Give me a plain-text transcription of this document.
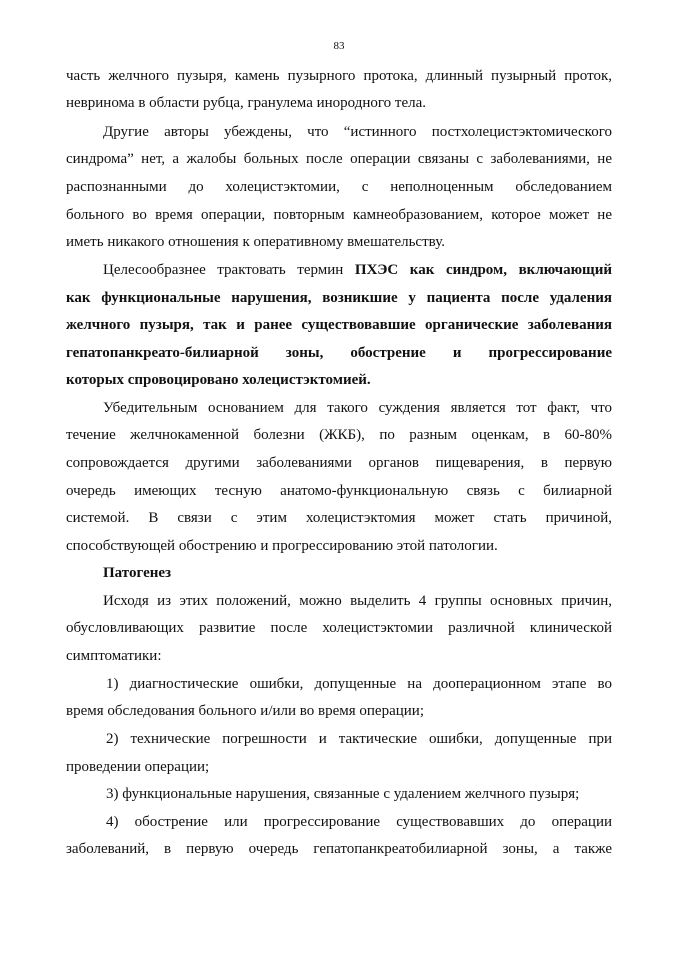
83
часть желчного пузыря, камень пузырного протока, длинный пузырный проток,
невринома в области рубца, гранулема инородного тела.
Другие авторы убеждены, что “истинного постхолецистэктомического
синдрома” нет, а жалобы больных после операции связаны с заболеваниями, не
распознанными до холецистэктомии, с неполноценным обследованием
больного во время операции, повторным камнеобразованием, которое может не
иметь никакого отношения к оперативному вмешательству.
Целесообразнее трактовать термин ПХЭС как синдром, включающий
как функциональные нарушения, возникшие у пациента после удаления
желчного пузыря, так и ранее существовавшие органические заболевания
гепатопанкреато-билиарной зоны, обострение и прогрессирование
которых спровоцировано холецистэктомией.
Убедительным основанием для такого суждения является тот факт, что
течение желчнокаменной болезни (ЖКБ), по разным оценкам, в 60-80%
сопровождается другими заболеваниями органов пищеварения, в первую
очередь имеющих тесную анатомо-функциональную связь с билиарной
системой. В связи с этим холецистэктомия может стать причиной,
способствующей обострению и прогрессированию этой патологии.
Патогенез
Исходя из этих положений, можно выделить 4 группы основных причин,
обусловливающих развитие после холецистэктомии различной клинической
симптоматики:
1) диагностические ошибки, допущенные на дооперационном этапе во
время обследования больного и/или во время операции;
2) технические погрешности и тактические ошибки, допущенные при
проведении операции;
3) функциональные нарушения, связанные с удалением желчного пузыря;
4) обострение или прогрессирование существовавших до операции
заболеваний, в первую очередь гепатопанкреатобилиарной зоны, а также
